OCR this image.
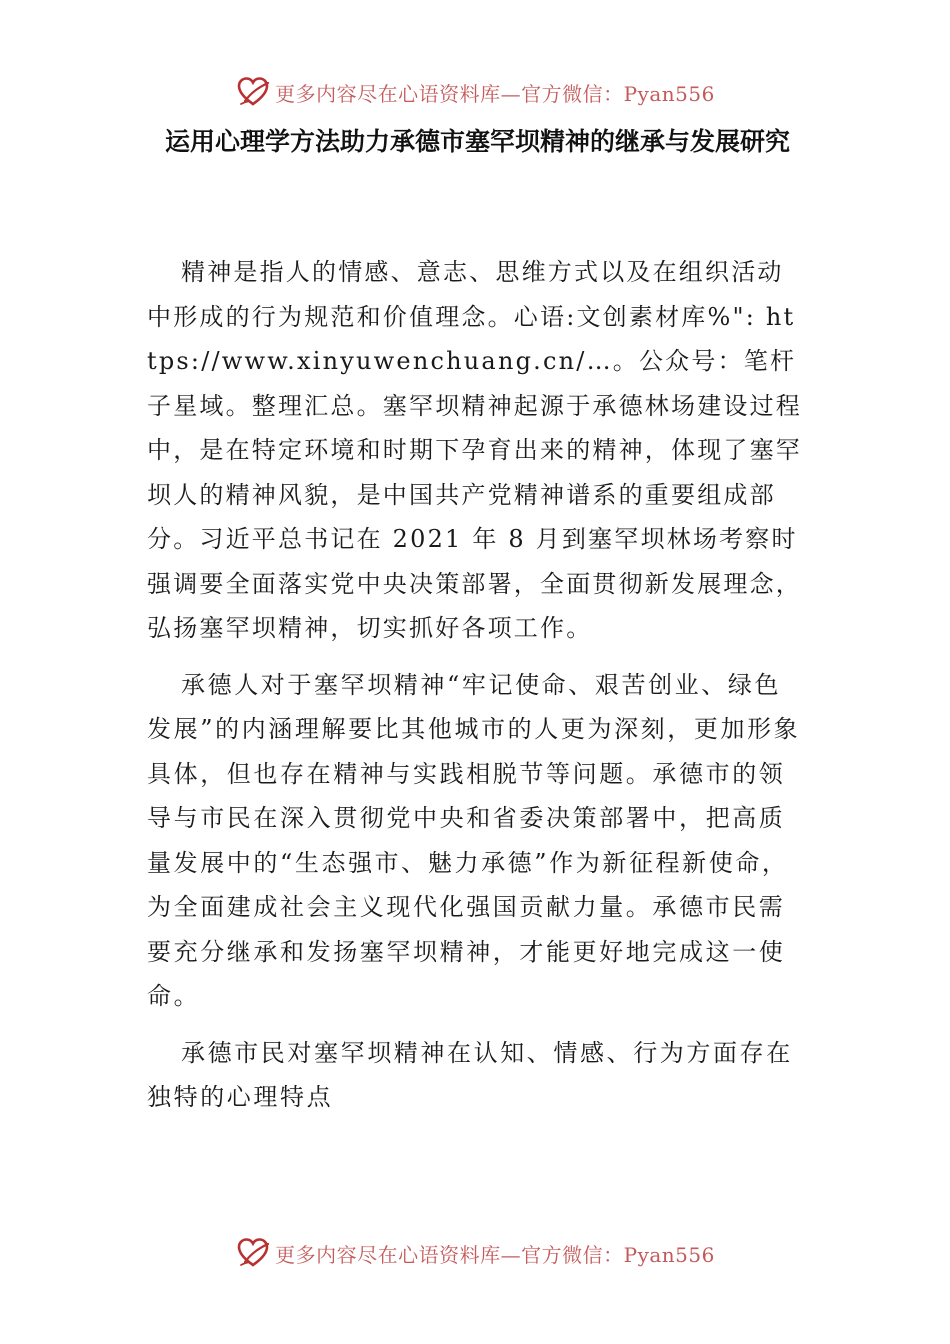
更多内容尽在心语资料库—官方微信：Pyan556
运用心理学方法助力承德市塞罕坝精神的继承与发展研究

精神是指人的情感、意志、思维方式以及在组织活动中形成的行为规范和价值理念。心语:文创素材库%": https://www.xinyuwenchuang.cn/…。公众号：笔杆子星域。整理汇总。塞罕坝精神起源于承德林场建设过程中，是在特定环境和时期下孕育出来的精神，体现了塞罕坝人的精神风貌，是中国共产党精神谱系的重要组成部分。习近平总书记在 2021 年 8 月到塞罕坝林场考察时强调要全面落实党中央决策部署，全面贯彻新发展理念，弘扬塞罕坝精神，切实抓好各项工作。

承德人对于塞罕坝精神“牢记使命、艰苦创业、绿色发展”的内涵理解要比其他城市的人更为深刻，更加形象具体，但也存在精神与实践相脱节等问题。承德市的领导与市民在深入贯彻党中央和省委决策部署中，把高质量发展中的“生态强市、魅力承德”作为新征程新使命，为全面建成社会主义现代化强国贡献力量。承德市民需要充分继承和发扬塞罕坝精神，才能更好地完成这一使命。

承德市民对塞罕坝精神在认知、情感、行为方面存在独特的心理特点

更多内容尽在心语资料库—官方微信：Pyan556
